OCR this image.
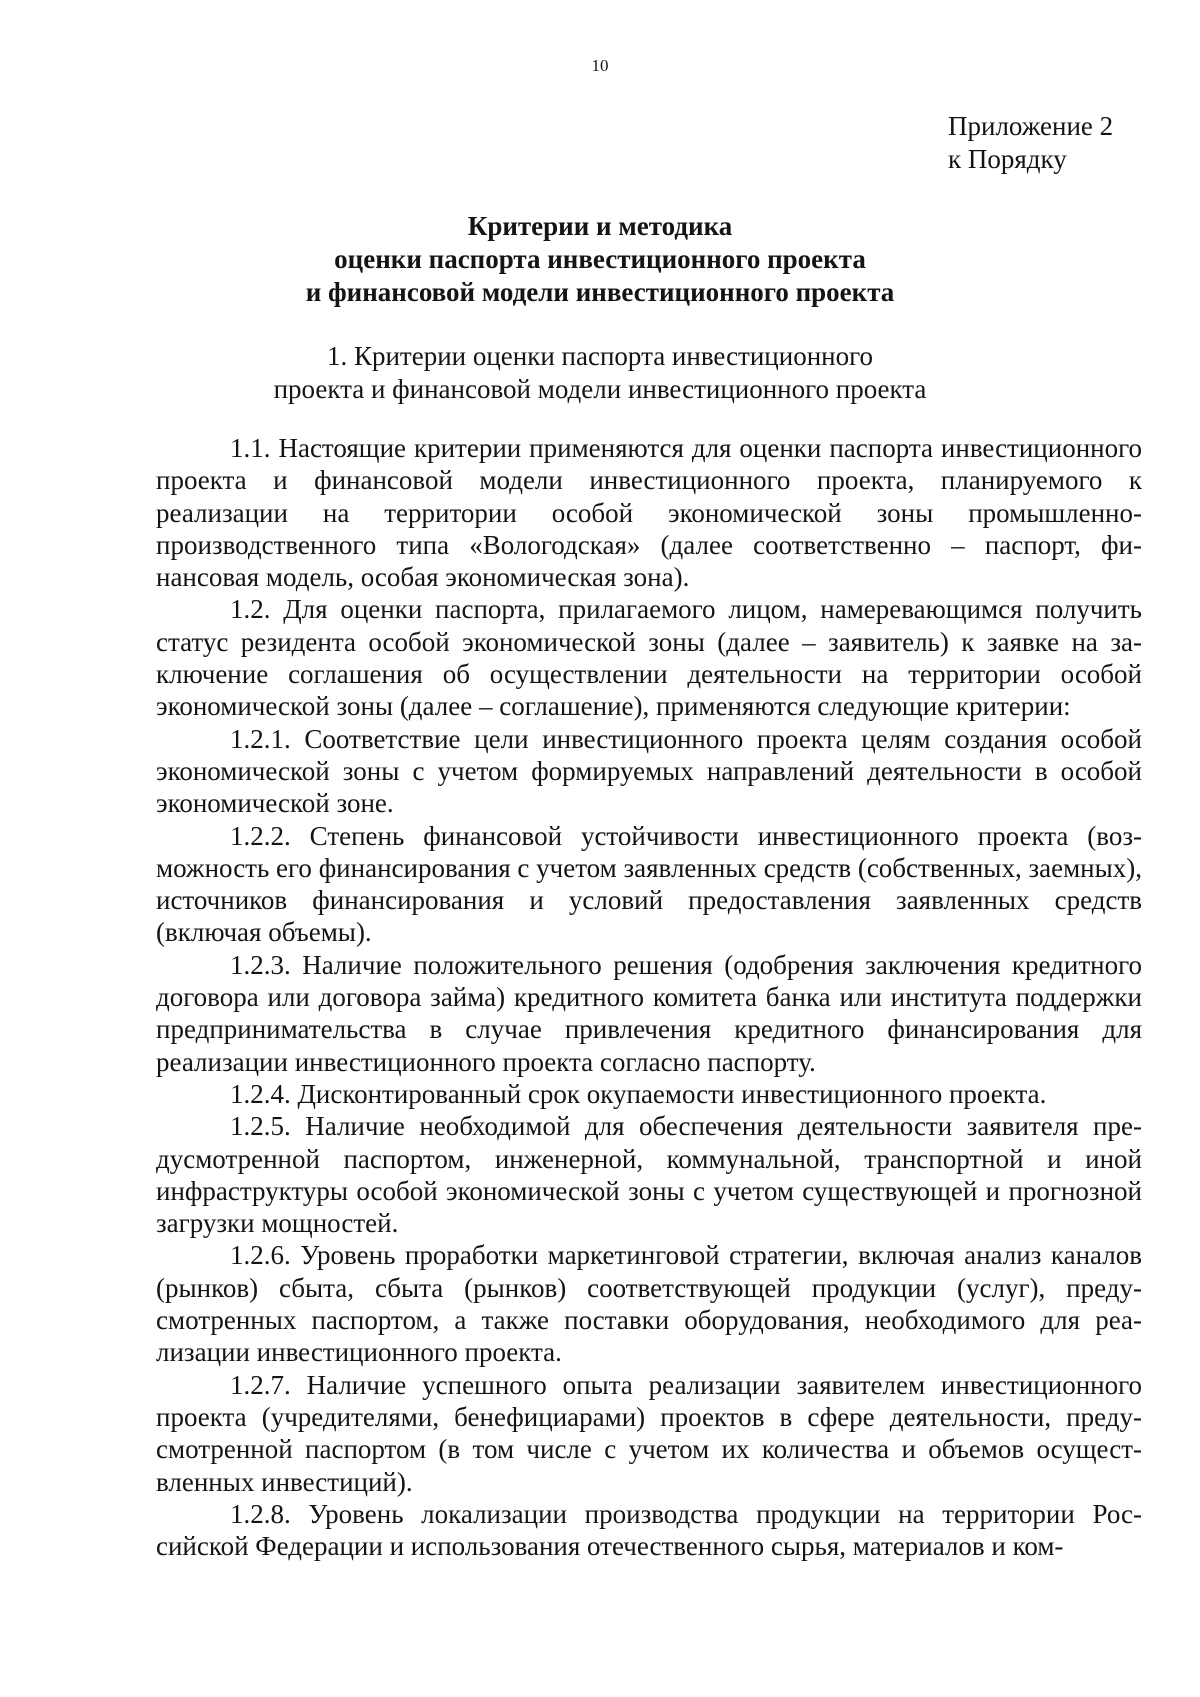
10
Приложение 2
к Порядку
Критерии и методика
оценки паспорта инвестиционного проекта
и финансовой модели инвестиционного проекта
1. Критерии оценки паспорта инвестиционного
проекта и финансовой модели инвестиционного проекта

1.1. Настоящие критерии применяются для оценки паспорта инвестиционного проекта и финансовой модели инвестиционного проекта, планируемого к реализации на территории особой экономической зоны промышленно-производственного типа «Вологодская» (далее соответственно – паспорт, финансовая модель, особая экономическая зона).

1.2. Для оценки паспорта, прилагаемого лицом, намеревающимся получить статус резидента особой экономической зоны (далее – заявитель) к заявке на заключение соглашения об осуществлении деятельности на территории особой экономической зоны (далее – соглашение), применяются следующие критерии:

1.2.1. Соответствие цели инвестиционного проекта целям создания особой экономической зоны с учетом формируемых направлений деятельности в особой экономической зоне.

1.2.2. Степень финансовой устойчивости инвестиционного проекта (возможность его финансирования с учетом заявленных средств (собственных, заемных), источников финансирования и условий предоставления заявленных средств (включая объемы).

1.2.3. Наличие положительного решения (одобрения заключения кредитного договора или договора займа) кредитного комитета банка или института поддержки предпринимательства в случае привлечения кредитного финансирования для реализации инвестиционного проекта согласно паспорту.

1.2.4. Дисконтированный срок окупаемости инвестиционного проекта.

1.2.5. Наличие необходимой для обеспечения деятельности заявителя предусмотренной паспортом, инженерной, коммунальной, транспортной и иной инфраструктуры особой экономической зоны с учетом существующей и прогнозной загрузки мощностей.

1.2.6. Уровень проработки маркетинговой стратегии, включая анализ каналов (рынков) сбыта, сбыта (рынков) соответствующей продукции (услуг), предусмотренных паспортом, а также поставки оборудования, необходимого для реализации инвестиционного проекта.

1.2.7. Наличие успешного опыта реализации заявителем инвестиционного проекта (учредителями, бенефициарами) проектов в сфере деятельности, предусмотренной паспортом (в том числе с учетом их количества и объемов осуществленных инвестиций).

1.2.8. Уровень локализации производства продукции на территории Российской Федерации и использования отечественного сырья, материалов и ком-
